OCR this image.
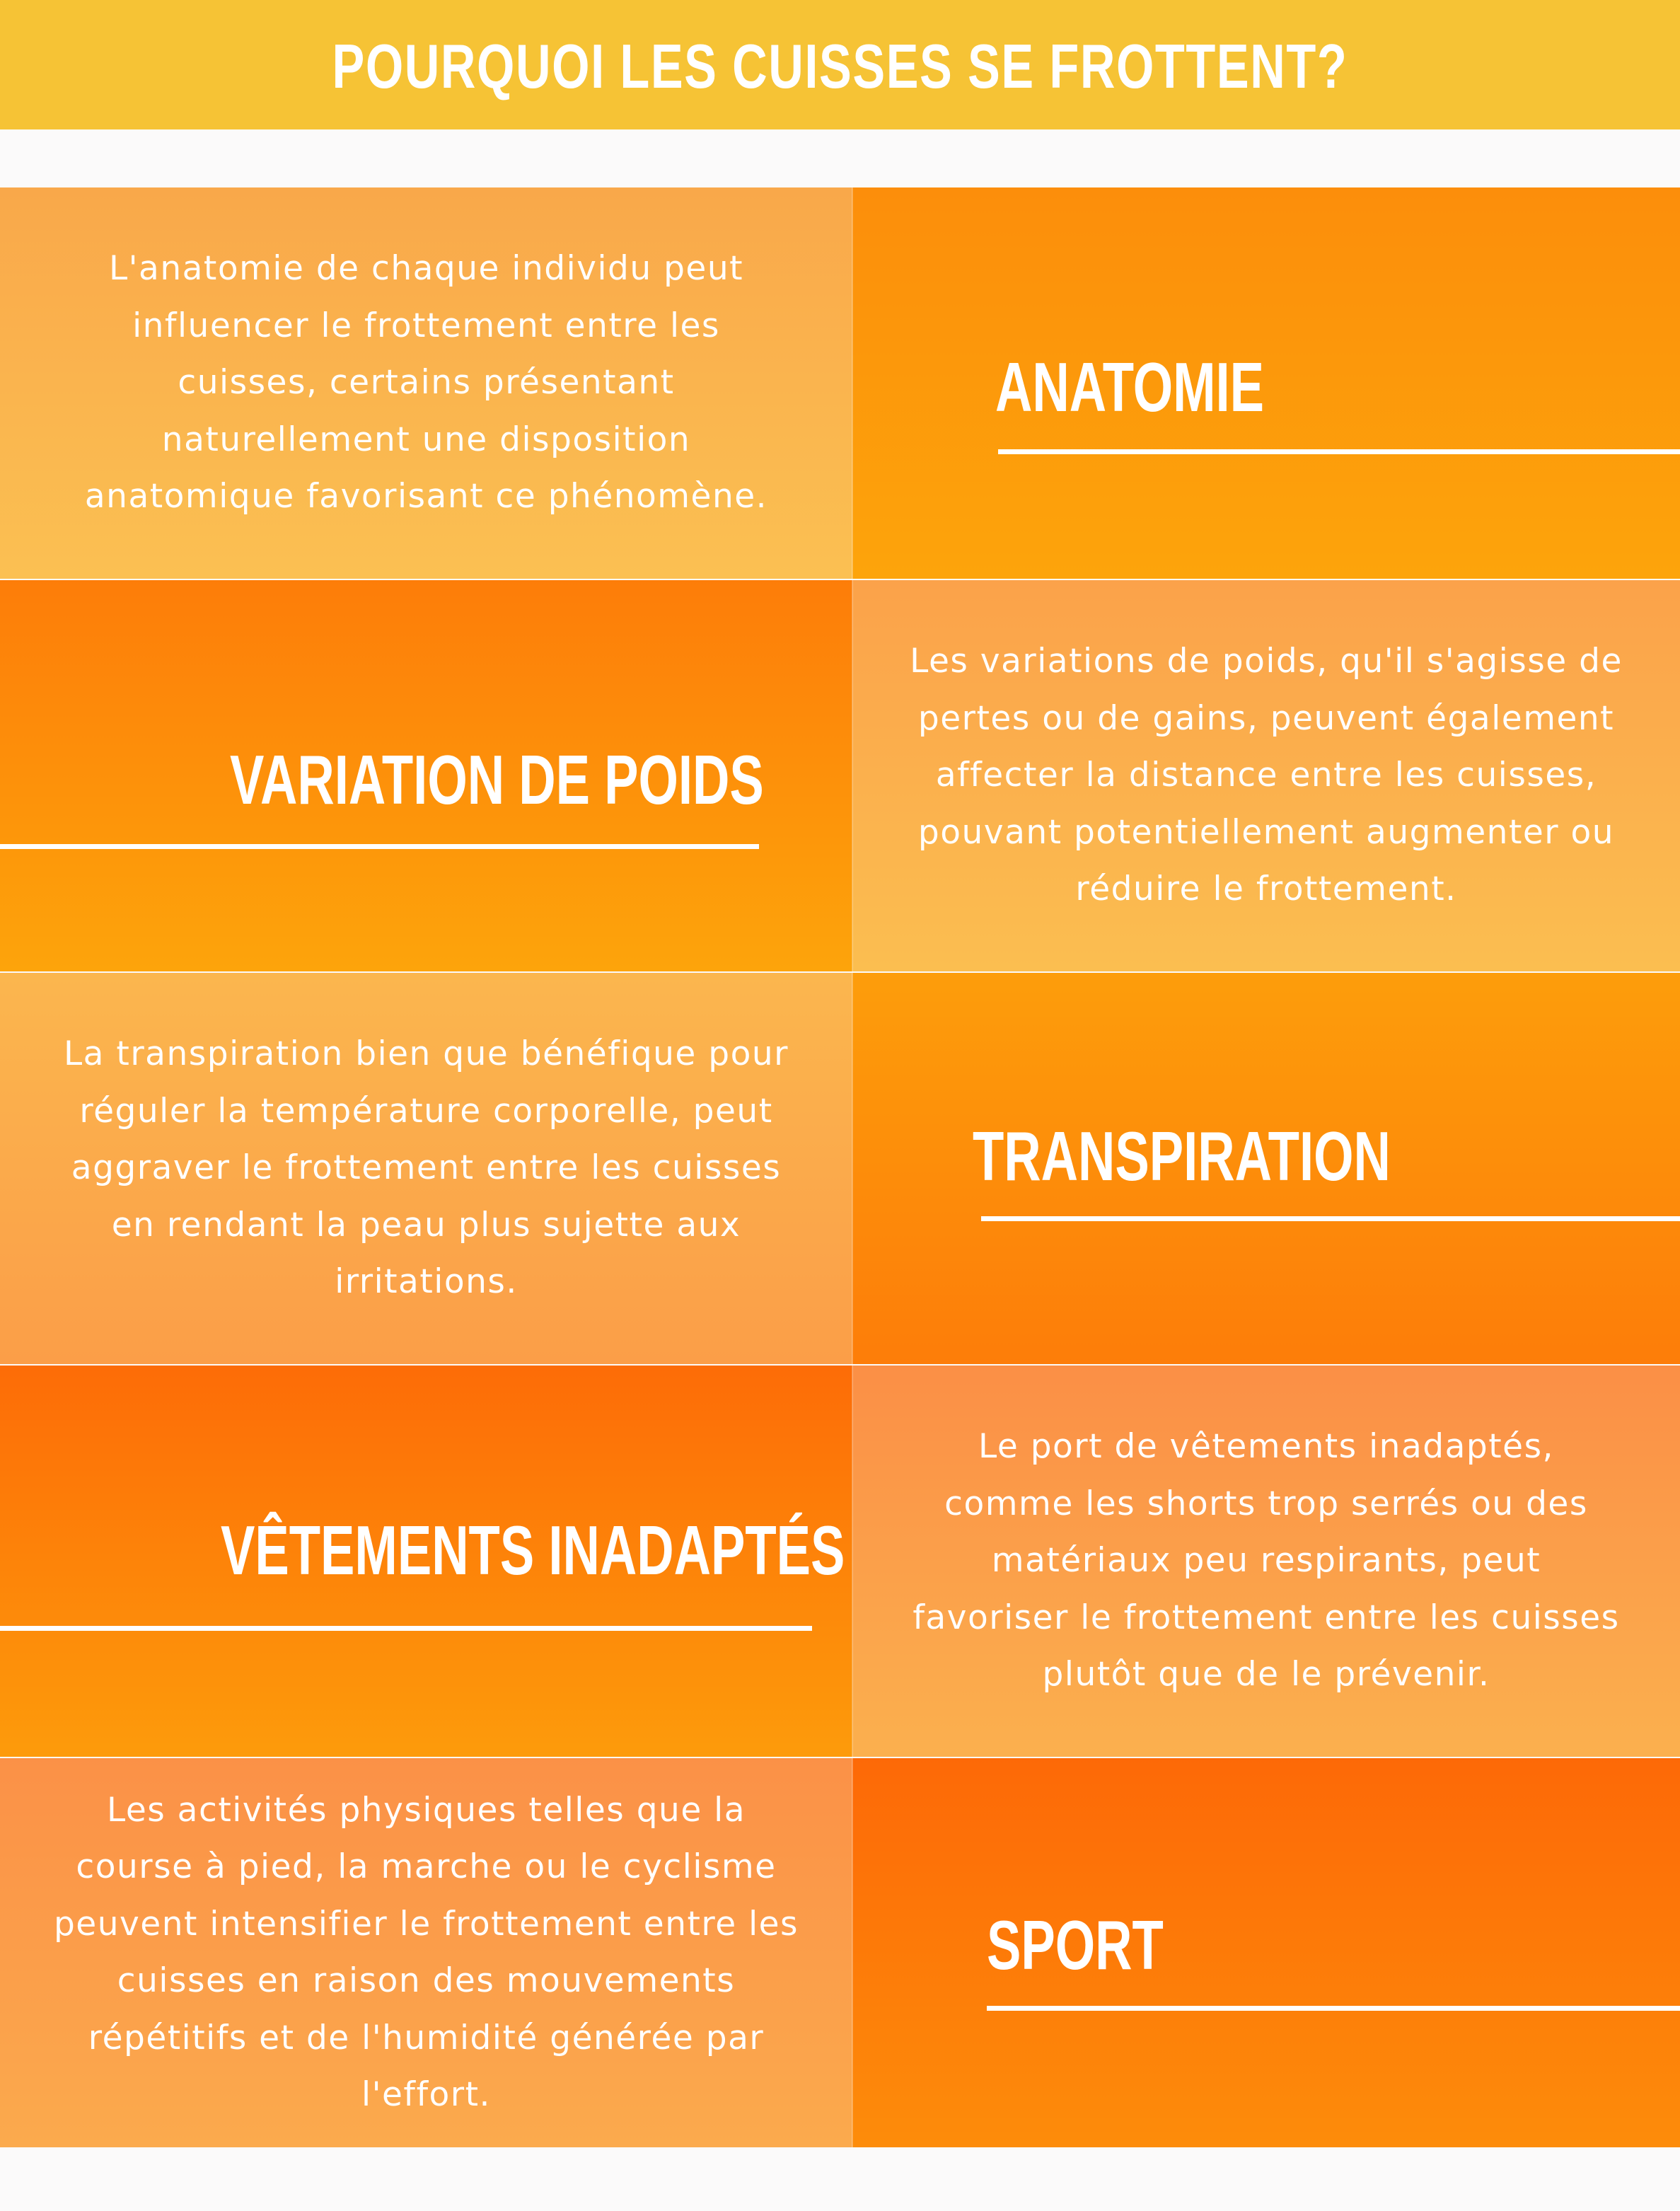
POURQUOI LES CUISSES SE FROTTENT?
L'anatomie de chaque individu peut influencer le frottement entre les cuisses, certains présentant naturellement une disposition anatomique favorisant ce phénomène.
ANATOMIE
VARIATION DE POIDS
Les variations de poids, qu'il s'agisse de pertes ou de gains, peuvent également affecter la distance entre les cuisses, pouvant potentiellement augmenter ou réduire le frottement.
La transpiration bien que bénéfique pour réguler la température corporelle, peut aggraver le frottement entre les cuisses en rendant la peau plus sujette aux irritations.
TRANSPIRATION
VÊTEMENTS INADAPTÉS
Le port de vêtements inadaptés, comme les shorts trop serrés ou des matériaux peu respirants, peut favoriser le frottement entre les cuisses plutôt que de le prévenir.
Les activités physiques telles que la course à pied, la marche ou le cyclisme peuvent intensifier le frottement entre les cuisses en raison des mouvements répétitifs et de l'humidité générée par l'effort.
SPORT
